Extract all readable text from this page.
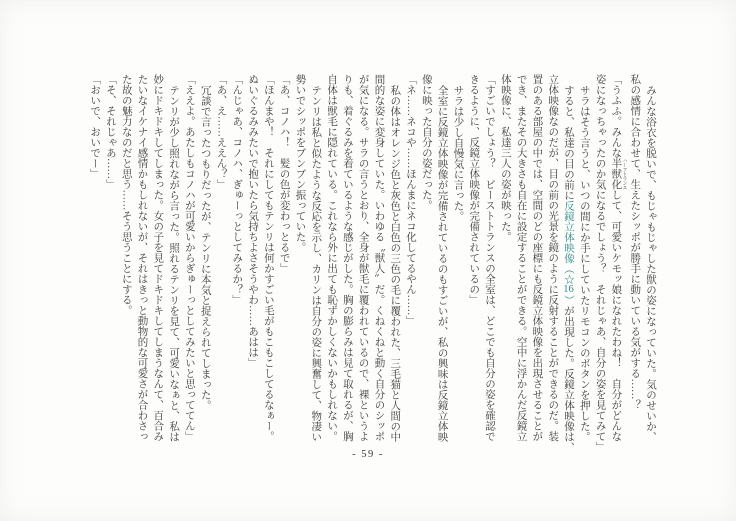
みんな浴衣を脱いで、もじゃもじゃした獣の姿になっていた。気のせいか、

私の感情に合わせて、生えたシッポが勝手に動いている気がする……？

「うふふ。みんな半獣化 ハーフトランスして、可愛いケモッ娘になれたわね！　自分がどんな

姿になっちゃったのか気になるでしょう？　それじゃあ、自分の姿を見てみて」

サラはそう言うと、いつの間にか手にしていたリモコンのボタンを押した。

すると、私達の目の前に反鏡立体映像（☆16）が出現した。反鏡立体映像は、

立体映像なのだが、目の前の光景を鏡のように反射することができるのだ。装

置のある部屋の中では、空間のどの座標にも反鏡立体映像を出現させることが

でき、またその大きさも自在に設定することができる。空中に浮かんだ反鏡立

体映像に、私達三人の姿が映った。

「すごいでしょう？　ビーストトランスの全室は、どこでも自分の姿を確認で

きるように、反鏡立体映像が完備されているの」

サラは少し自慢気に言った。

全室に反鏡立体映像が完備されているのもすごいが、私の興味は反鏡立体映

像に映った自分の姿だった。

「ネ……ネコや……ほんまにネコ化してるやん……」

私の体はオレンジ色と灰色と白色の三色の毛に覆われた、三毛猫と人間の中

間的な姿に変身していた。いわゆる〝獣人〟だ。くねくねと動く自分のシッポ

が気になる。サラの言うとおり、全身が獣毛に覆われているので、裸というよ

りも、着ぐるみを着ているような感じがした。胸の膨らみは見て取れるが、胸

自体は獣毛に隠れている。これなら外に出ても恥ずかしくないかもしれない。

テンリは私と似たような反応を示し、カリンは自分の姿に興奮して、物凄い

勢いでシッポをブンブン振っていた。

「あ、コノハ！　髪の色が変わっとるで」

「ほんまや！　それにしてもテンリは何かすごい毛がもこもこしてるなぁー。

ぬいぐるみみたいで抱いたら気持ちよさそうやわ……あはは」

「んじゃあ、コノハ、ぎゅーっとしてみるか？」

「あ、え……ええん？」

冗談で言ったつもりだったが、テンリに本気と捉えられてしまった。

「ええよ。あたしもコノハが可愛いからぎゅーっとしてみたいと思っててん」

テンリが少し照れながら言った。照れるテンリを見て、可愛いなぁと、私は

妙にドキドキしてしまった。女の子を見てドキドキしてしまうなんて、百合み

たいなイケナイ感情かもしれないが、それはきっと動物的な可愛さが合わさっ

た故の魅力なのだと思う……そう思うことにする。

「そ、それじゃあ……」

「おいで、おいでー」

- 59 -
